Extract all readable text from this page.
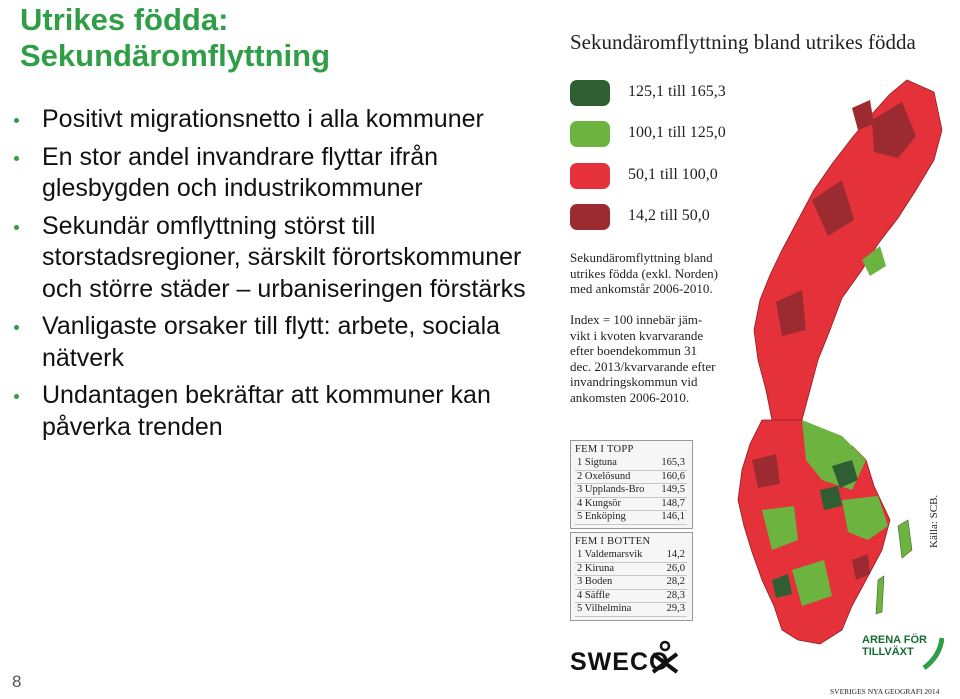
Utrikes födda:
Sekundäromflyttning
Positivt migrationsnetto i alla kommuner
En stor andel invandrare flyttar ifrån glesbygden och industrikommuner
Sekundär omflyttning störst till storstadsregioner, särskilt förortskommuner och större städer – urbaniseringen förstärks
Vanligaste orsaker till flytt: arbete, sociala nätverk
Undantagen bekräftar att kommuner kan påverka trenden
8
Sekundäromflyttning bland utrikes födda
125,1 till 165,3
100,1 till 125,0
50,1 till 100,0
14,2 till 50,0
Sekundäromflyttning bland
utrikes födda (exkl. Norden)
med ankomstår 2006-2010.
Index = 100 innebär jäm-
vikt i kvoten kvarvarande
efter boendekommun 31
dec. 2013/kvarvarande efter
invandringskommun vid
ankomsten 2006-2010.
FEM I TOPP
1 Sigtuna	165,3
2 Oxelösund	160,6
3 Upplands-Bro 149,5
4 Kungsör	148,7
5 Enköping	146,1
FEM I BOTTEN
1 Valdemarsvik 14,2
2 Kiruna	26,0
3 Boden	28,2
4 Säffle	28,3
5 Vilhelmina	29,3
Källa: SCB.
SWECO
ARENA FÖR
TILLVÄXT
SVERIGES NYA GEOGRAFI 2014
